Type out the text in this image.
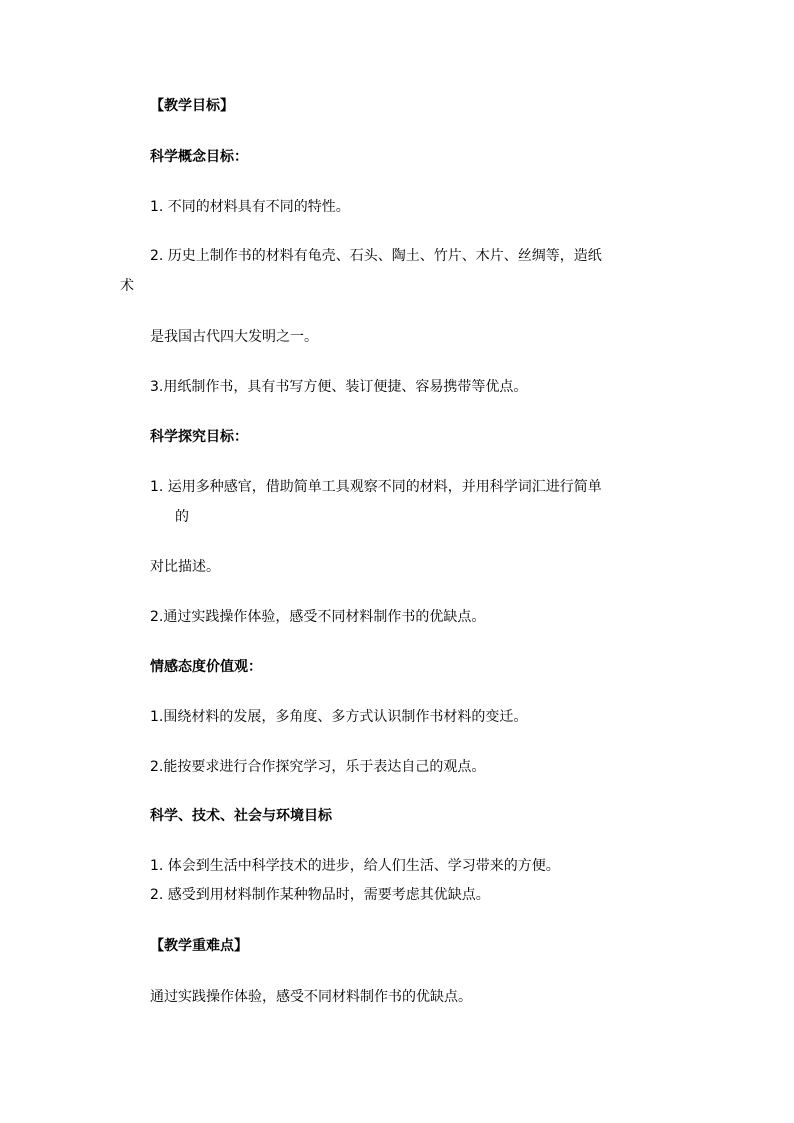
【教学目标】
科学概念目标：
1. 不同的材料具有不同的特性。
2. 历史上制作书的材料有龟壳、石头、陶土、竹片、木片、丝绸等，造纸
术
是我国古代四大发明之一。
3.用纸制作书，具有书写方便、装订便捷、容易携带等优点。
科学探究目标：
1. 运用多种感官，借助简单工具观察不同的材料，并用科学词汇进行简单
的
对比描述。
2.通过实践操作体验，感受不同材料制作书的优缺点。
情感态度价值观：
1.围绕材料的发展，多角度、多方式认识制作书材料的变迁。
2.能按要求进行合作探究学习，乐于表达自己的观点。
科学、技术、社会与环境目标
1. 体会到生活中科学技术的进步，给人们生活、学习带来的方便。
2. 感受到用材料制作某种物品时，需要考虑其优缺点。
【教学重难点】
通过实践操作体验，感受不同材料制作书的优缺点。
